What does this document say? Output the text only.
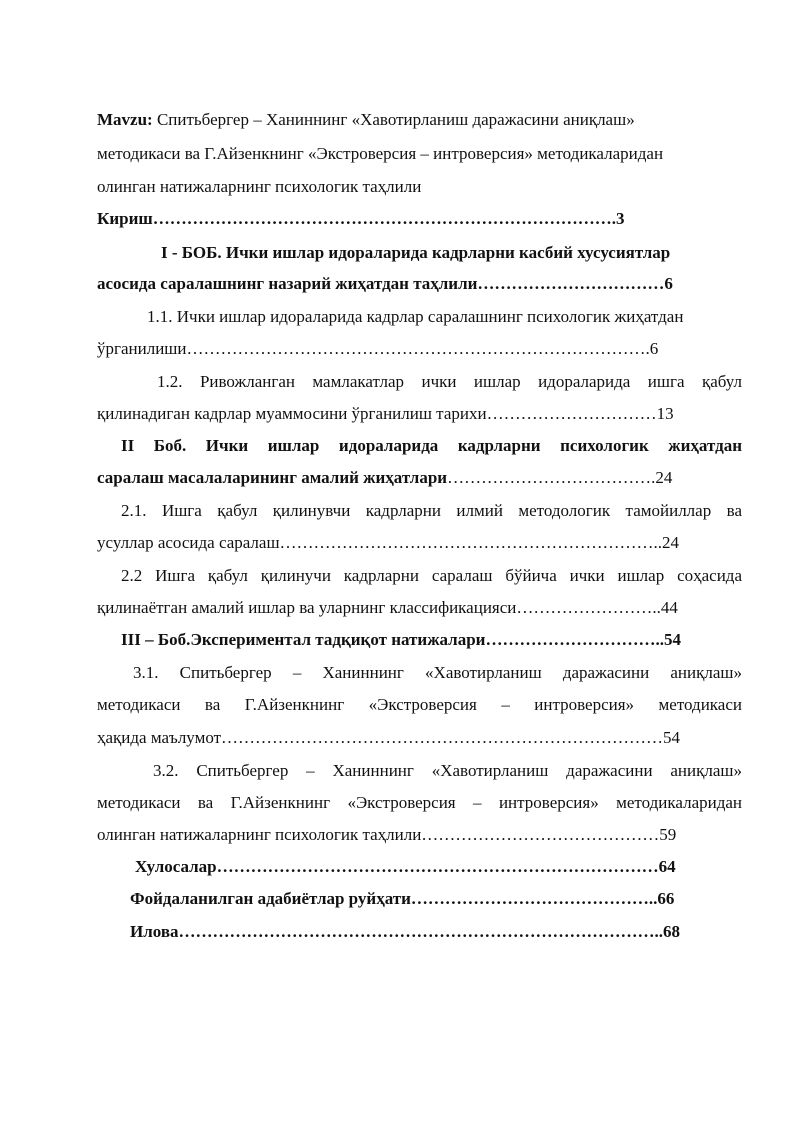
Mavzu: Спитьбергер – Ханиннинг «Хавотирланиш даражасини аниқлаш»
методикаси ва Г.Айзенкнинг «Экстроверсия – интроверсия» методикаларидан
олинган натижаларнинг психологик таҳлили
Кириш……………………………………………………………………….3
I - БОБ. Ички ишлар идораларида кадрларни касбий хусусиятлар
асосида саралашнинг назарий жиҳатдан таҳлили……………………………6
1.1. Ички ишлар идораларида кадрлар саралашнинг психологик жиҳатдан
ўрганилиши……………………………………………………………………….6
1.2. Ривожланган мамлакатлар ички ишлар идораларида ишга қабул
қилинадиган кадрлар муаммосини ўрганилиш тарихи…………………………13
II Боб. Ички ишлар идораларида кадрларни психологик жиҳатдан
саралаш масалаларининг амалий жиҳатлари……………………………….24
2.1. Ишга қабул қилинувчи кадрларни илмий методологик тамойиллар ва
усуллар асосида саралаш…………………………………………………………..24
2.2 Ишга қабул қилинучи кадрларни саралаш бўйича ички ишлар соҳасида
қилинаётган амалий ишлар ва уларнинг классификацияси……………………..44
III – Боб.Экспериментал тадқиқот натижалари…………………………..54
3.1. Спитьбергер – Ханиннинг «Хавотирланиш даражасини аниқлаш»
методикаси ва Г.Айзенкнинг «Экстроверсия – интроверсия» методикаси
ҳақида маълумот……………………………………………………………………54
3.2. Спитьбергер – Ханиннинг «Хавотирланиш даражасини аниқлаш»
методикаси ва Г.Айзенкнинг «Экстроверсия – интроверсия» методикаларидан
олинган натижаларнинг психологик таҳлили……………………………………59
Хулосалар……………………………………………………………………64
Фойдаланилган адабиётлар руйҳати……………………………………..66
Илова…………………………………………………………………………..68
